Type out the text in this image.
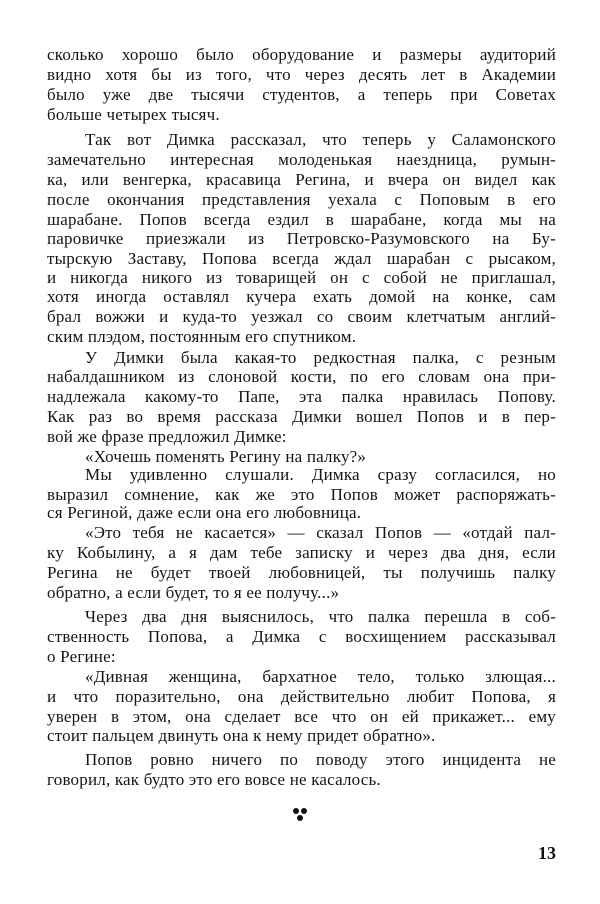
сколько хорошо было оборудование и размеры аудиторий
видно хотя бы из того, что через десять лет в Академии
было уже две тысячи студентов, а теперь при Советах
больше четырех тысяч.
Так вот Димка рассказал, что теперь у Саламонского
замечательно интересная молоденькая наездница, румын-
ка, или венгерка, красавица Регина, и вчера он видел как
после окончания представления уехала с Поповым в его
шарабане. Попов всегда ездил в шарабане, когда мы на
паровичке приезжали из Петровско-Разумовского на Бу-
тырскую Заставу, Попова всегда ждал шарабан с рысаком,
и никогда никого из товарищей он с собой не приглашал,
хотя иногда оставлял кучера ехать домой на конке, сам
брал вожжи и куда-то уезжал со своим клетчатым англий-
ским плэдом, постоянным его спутником.
У Димки была какая-то редкостная палка, с резным
набалдашником из слоновой кости, по его словам она при-
надлежала какому-то Папе, эта палка нравилась Попову.
Как раз во время рассказа Димки вошел Попов и в пер-
вой же фразе предложил Димке:
«Хочешь поменять Регину на палку?»
Мы удивленно слушали. Димка сразу согласился, но
выразил сомнение, как же это Попов может распоряжать-
ся Региной, даже если она его любовница.
«Это тебя не касается» — сказал Попов — «отдай пал-
ку Кобылину, а я дам тебе записку и через два дня, если
Регина не будет твоей любовницей, ты получишь палку
обратно, а если будет, то я ее получу...»
Через два дня выяснилось, что палка перешла в соб-
ственность Попова, а Димка с восхищением рассказывал
о Регине:
«Дивная женщина, бархатное тело, только злющая...
и что поразительно, она действительно любит Попова, я
уверен в этом, она сделает все что он ей прикажет... ему
стоит пальцем двинуть она к нему придет обратно».
Попов ровно ничего по поводу этого инцидента не
говорил, как будто это его вовсе не касалось.
13
